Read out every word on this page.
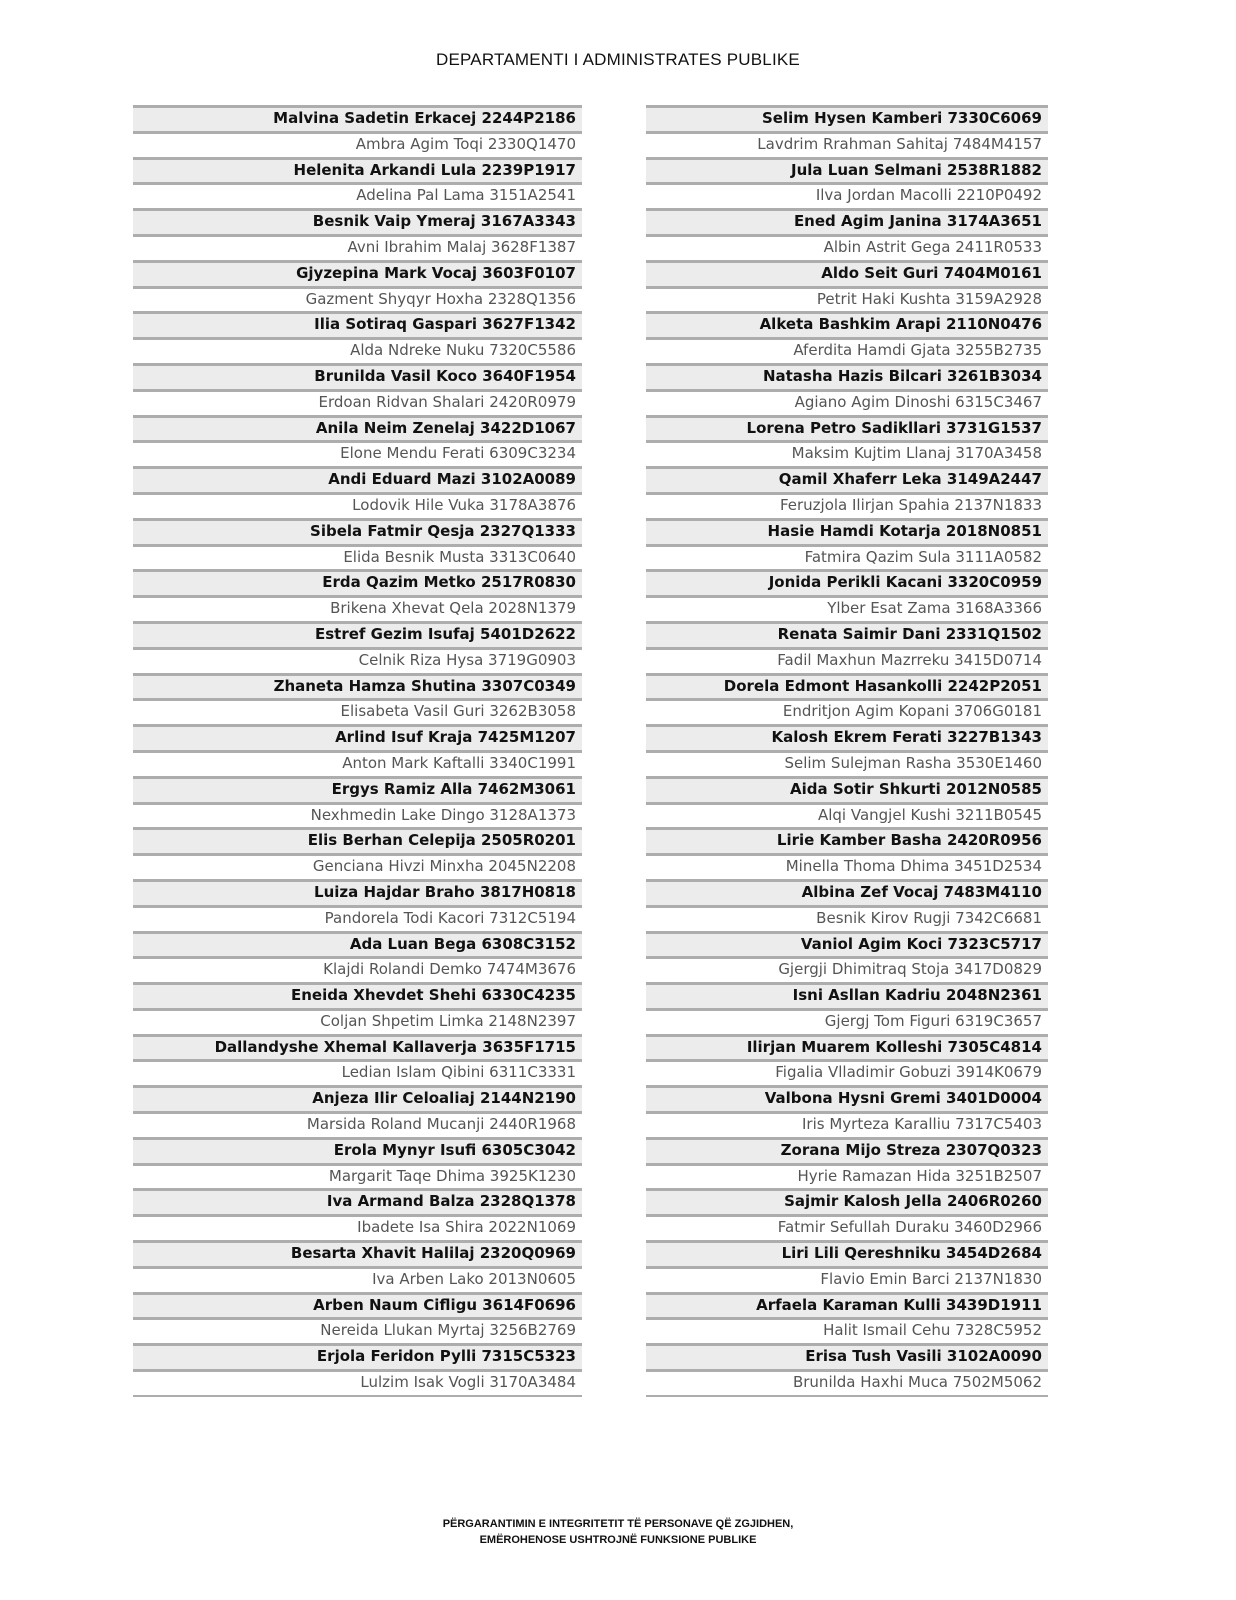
DEPARTAMENTI I ADMINISTRATES PUBLIKE
Malvina Sadetin Erkacej 2244P2186
Ambra Agim Toqi 2330Q1470
Helenita Arkandi Lula 2239P1917
Adelina Pal Lama 3151A2541
Besnik Vaip Ymeraj 3167A3343
Avni Ibrahim Malaj 3628F1387
Gjyzepina Mark Vocaj 3603F0107
Gazment Shyqyr Hoxha 2328Q1356
Ilia Sotiraq Gaspari 3627F1342
Alda Ndreke Nuku 7320C5586
Brunilda Vasil Koco 3640F1954
Erdoan Ridvan Shalari 2420R0979
Anila Neim Zenelaj 3422D1067
Elone Mendu Ferati 6309C3234
Andi Eduard Mazi 3102A0089
Lodovik Hile Vuka 3178A3876
Sibela Fatmir Qesja 2327Q1333
Elida Besnik Musta 3313C0640
Erda Qazim Metko 2517R0830
Brikena Xhevat Qela 2028N1379
Estref Gezim Isufaj 5401D2622
Celnik Riza Hysa 3719G0903
Zhaneta Hamza Shutina 3307C0349
Elisabeta Vasil Guri 3262B3058
Arlind Isuf Kraja 7425M1207
Anton Mark Kaftalli 3340C1991
Ergys Ramiz Alla 7462M3061
Nexhmedin Lake Dingo 3128A1373
Elis Berhan Celepija 2505R0201
Genciana Hivzi Minxha 2045N2208
Luiza Hajdar Braho 3817H0818
Pandorela Todi Kacori 7312C5194
Ada Luan Bega 6308C3152
Klajdi Rolandi Demko 7474M3676
Eneida Xhevdet Shehi 6330C4235
Coljan Shpetim Limka 2148N2397
Dallandyshe Xhemal Kallaverja 3635F1715
Ledian Islam Qibini 6311C3331
Anjeza Ilir Celoaliaj 2144N2190
Marsida Roland Mucanji 2440R1968
Erola Mynyr Isufi 6305C3042
Margarit Taqe Dhima 3925K1230
Iva Armand Balza 2328Q1378
Ibadete Isa Shira 2022N1069
Besarta Xhavit Halilaj 2320Q0969
Iva Arben Lako 2013N0605
Arben Naum Cifligu 3614F0696
Nereida Llukan Myrtaj 3256B2769
Erjola Feridon Pylli 7315C5323
Lulzim Isak Vogli 3170A3484
Selim Hysen Kamberi 7330C6069
Lavdrim Rrahman Sahitaj 7484M4157
Jula Luan Selmani 2538R1882
Ilva Jordan Macolli 2210P0492
Ened Agim Janina 3174A3651
Albin Astrit Gega 2411R0533
Aldo Seit Guri 7404M0161
Petrit Haki Kushta 3159A2928
Alketa Bashkim Arapi 2110N0476
Aferdita Hamdi Gjata 3255B2735
Natasha Hazis Bilcari 3261B3034
Agiano Agim Dinoshi 6315C3467
Lorena Petro Sadikllari 3731G1537
Maksim Kujtim Llanaj 3170A3458
Qamil Xhaferr Leka 3149A2447
Feruzjola Ilirjan Spahia 2137N1833
Hasie Hamdi Kotarja 2018N0851
Fatmira Qazim Sula 3111A0582
Jonida Perikli Kacani 3320C0959
Ylber Esat Zama 3168A3366
Renata Saimir Dani 2331Q1502
Fadil Maxhun Mazrreku 3415D0714
Dorela Edmont Hasankolli 2242P2051
Endritjon Agim Kopani 3706G0181
Kalosh Ekrem Ferati 3227B1343
Selim Sulejman Rasha 3530E1460
Aida Sotir Shkurti 2012N0585
Alqi Vangjel Kushi 3211B0545
Lirie Kamber Basha 2420R0956
Minella Thoma Dhima 3451D2534
Albina Zef Vocaj 7483M4110
Besnik Kirov Rugji 7342C6681
Vaniol Agim Koci 7323C5717
Gjergji Dhimitraq Stoja 3417D0829
Isni Asllan Kadriu 2048N2361
Gjergj Tom Figuri 6319C3657
Ilirjan Muarem Kolleshi 7305C4814
Figalia Vlladimir Gobuzi 3914K0679
Valbona Hysni Gremi 3401D0004
Iris Myrteza Karalliu 7317C5403
Zorana Mijo Streza 2307Q0323
Hyrie Ramazan Hida 3251B2507
Sajmir Kalosh Jella 2406R0260
Fatmir Sefullah Duraku 3460D2966
Liri Lili Qereshniku 3454D2684
Flavio Emin Barci 2137N1830
Arfaela Karaman Kulli 3439D1911
Halit Ismail Cehu 7328C5952
Erisa Tush Vasili 3102A0090
Brunilda Haxhi Muca 7502M5062
PËRGARANTIMIN E INTEGRITETIT TË PERSONAVE QË ZGJIDHEN,
EMËROHENOSE USHTROJNË FUNKSIONE PUBLIKE
